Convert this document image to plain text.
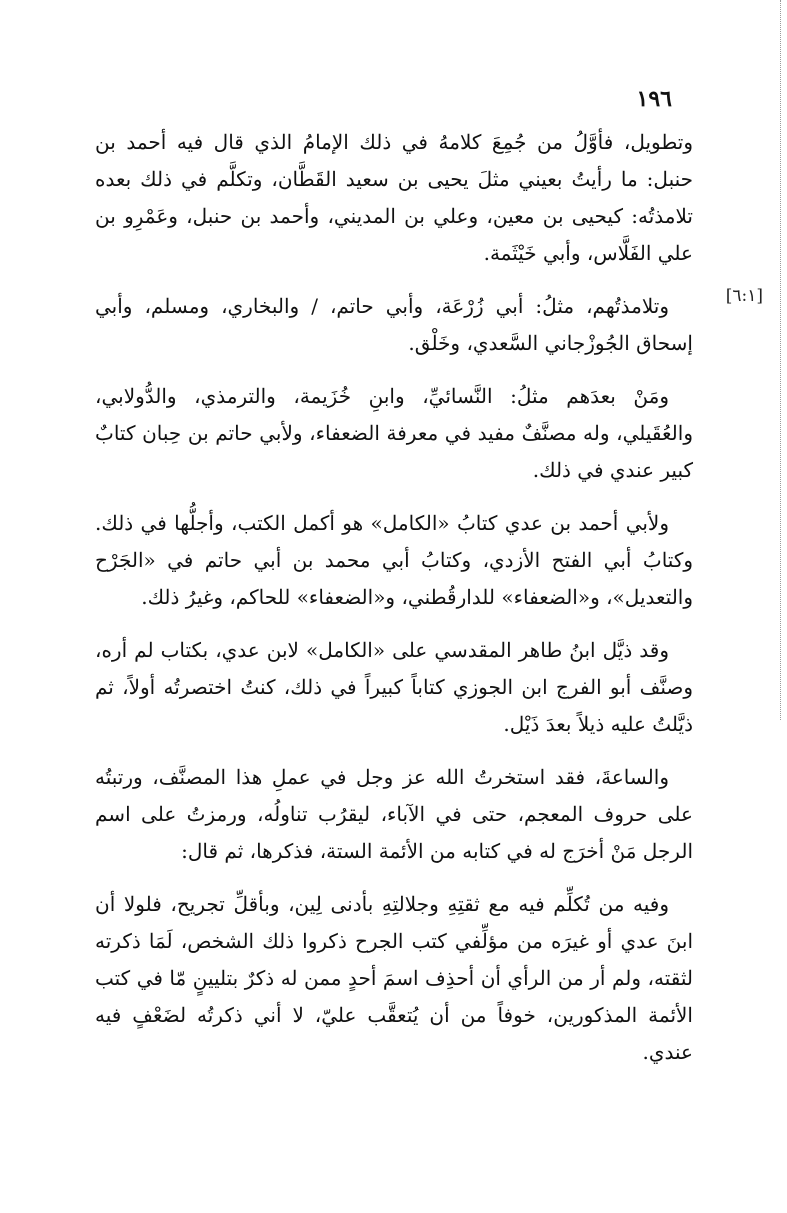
١٩٦
[٦:١]

وتطويل، فأوَّلُ من جُمِعَ كلامهُ في ذلك الإمامُ الذي قال فيه أحمد بن حنبل: ما رأيتُ بعيني مثلَ يحيى بن سعيد القَطَّان، وتكلَّم في ذلك بعده تلامذتُه: كيحيى بن معين، وعلي بن المديني، وأحمد بن حنبل، وعَمْرِو بن علي الفَلَّاس، وأبي خَيْثَمة.

وتلامذتُهم، مثلُ: أبي زُرْعَة، وأبي حاتم، / والبخاري، ومسلم، وأبي إسحاق الجُوزْجاني السَّعدي، وخَلْق.

ومَنْ بعدَهم مثلُ: النَّسائيِّ، وابنِ خُزَيمة، والترمذي، والدُّولابي، والعُقَيلي، وله مصنَّفٌ مفيد في معرفة الضعفاء، ولأبي حاتم بن حِبان كتابٌ كبير عندي في ذلك.

ولأبي أحمد بن عدي كتابُ «الكامل» هو أكمل الكتب، وأجلُّها في ذلك. وكتابُ أبي الفتح الأزدي، وكتابُ أبي محمد بن أبي حاتم في «الجَرْح والتعديل»، و«الضعفاء» للدارقُطني، و«الضعفاء» للحاكم، وغيرُ ذلك.

وقد ذيَّل ابنُ طاهر المقدسي على «الكامل» لابن عدي، بكتاب لم أره، وصنَّف أبو الفرج ابن الجوزي كتاباً كبيراً في ذلك، كنتُ اختصرتُه أولاً، ثم ذيَّلتُ عليه ذيلاً بعدَ ذَيْل.

والساعةَ، فقد استخرتُ الله عز وجل في عملِ هذا المصنَّف، ورتبتُه على حروف المعجم، حتى في الآباء، ليقرُب تناولُه، ورمزتُ على اسم الرجل مَنْ أخرَج له في كتابه من الأئمة الستة، فذكرها، ثم قال:

وفيه من تُكلِّم فيه مع ثقتِهِ وجلالتِهِ بأدنى لِين، وبأقلِّ تجريح، فلولا أن ابنَ عدي أو غيرَه من مؤلِّفي كتب الجرح ذكروا ذلك الشخص، لَمَا ذكرته لثقته، ولم أر من الرأي أن أحذِف اسمَ أحدٍ ممن له ذكرٌ بتليينٍ مّا في كتب الأئمة المذكورين، خوفاً من أن يُتعقَّب عليّ، لا أني ذكرتُه لضَعْفٍ فيه عندي.
